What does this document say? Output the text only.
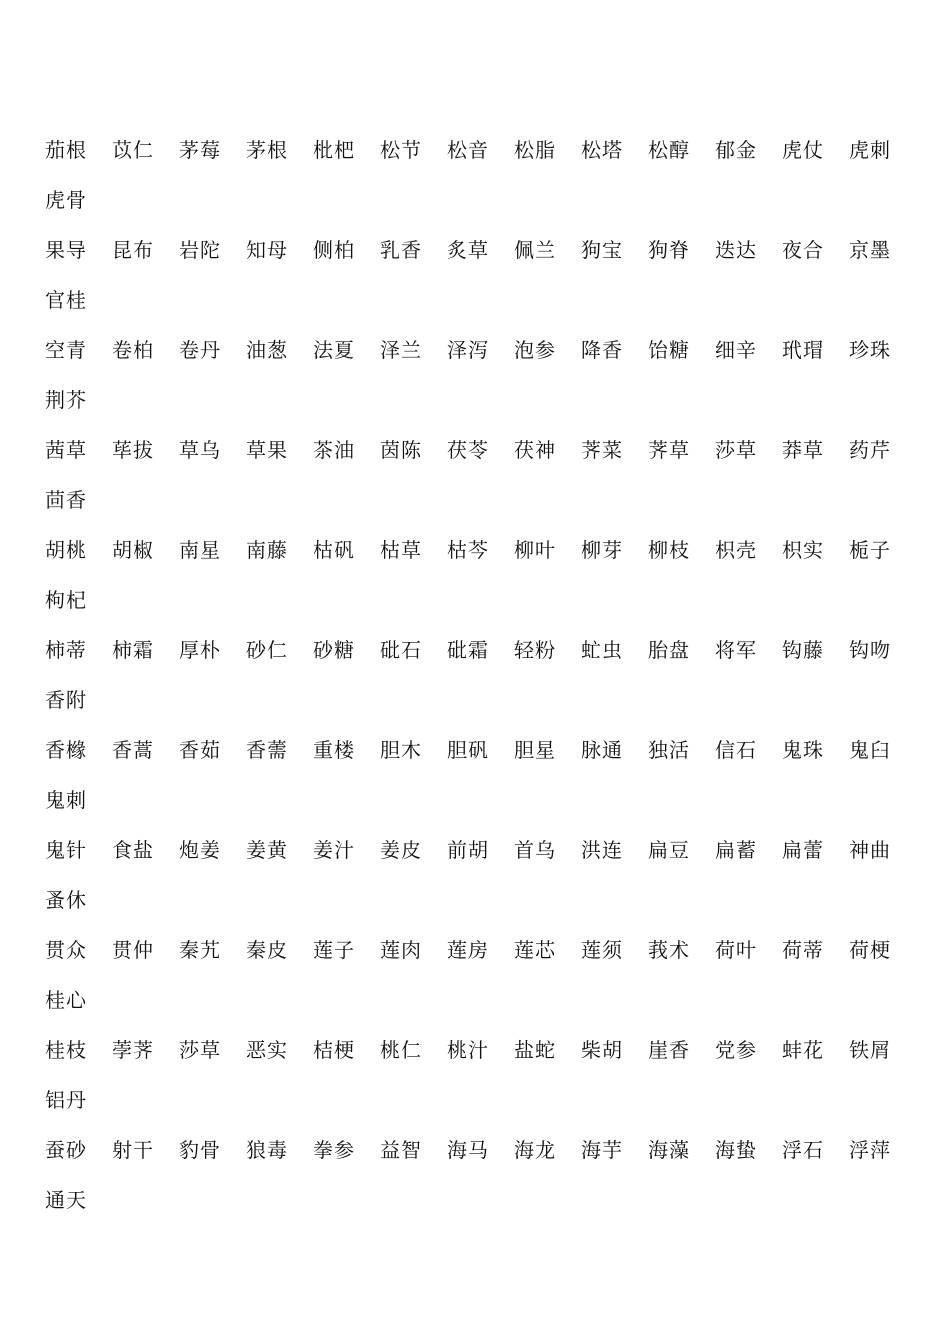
茄根 苡仁 茅莓 茅根 枇杷 松节 松音 松脂 松塔 松醇 郁金 虎仗 虎刺
虎骨
果导 昆布 岩陀 知母 侧柏 乳香 炙草 佩兰 狗宝 狗脊 迭达 夜合 京墨
官桂
空青 卷柏 卷丹 油葱 法夏 泽兰 泽泻 泡参 降香 饴糖 细辛 玳瑁 珍珠
荆芥
茜草 荜拔 草乌 草果 茶油 茵陈 茯苓 茯神 荠菜 荠草 莎草 莽草 药芹
茴香
胡桃 胡椒 南星 南藤 枯矾 枯草 枯芩 柳叶 柳芽 柳枝 枳壳 枳实 栀子
枸杞
柿蒂 柿霜 厚朴 砂仁 砂糖 砒石 砒霜 轻粉 虻虫 胎盘 将军 钩藤 钩吻
香附
香橼 香蒿 香茹 香薷 重楼 胆木 胆矾 胆星 脉通 独活 信石 鬼珠 鬼臼
鬼刺
鬼针 食盐 炮姜 姜黄 姜汁 姜皮 前胡 首乌 洪连 扁豆 扁蓄 扁蕾 神曲
蚤休
贯众 贯仲 秦艽 秦皮 莲子 莲肉 莲房 莲芯 莲须 莪术 荷叶 荷蒂 荷梗
桂心
桂枝 荸荠 莎草 恶实 桔梗 桃仁 桃汁 盐蛇 柴胡 崖香 党参 蚌花 铁屑
铝丹
蚕砂 射干 豹骨 狼毒 拳参 益智 海马 海龙 海芋 海藻 海蛰 浮石 浮萍
通天
